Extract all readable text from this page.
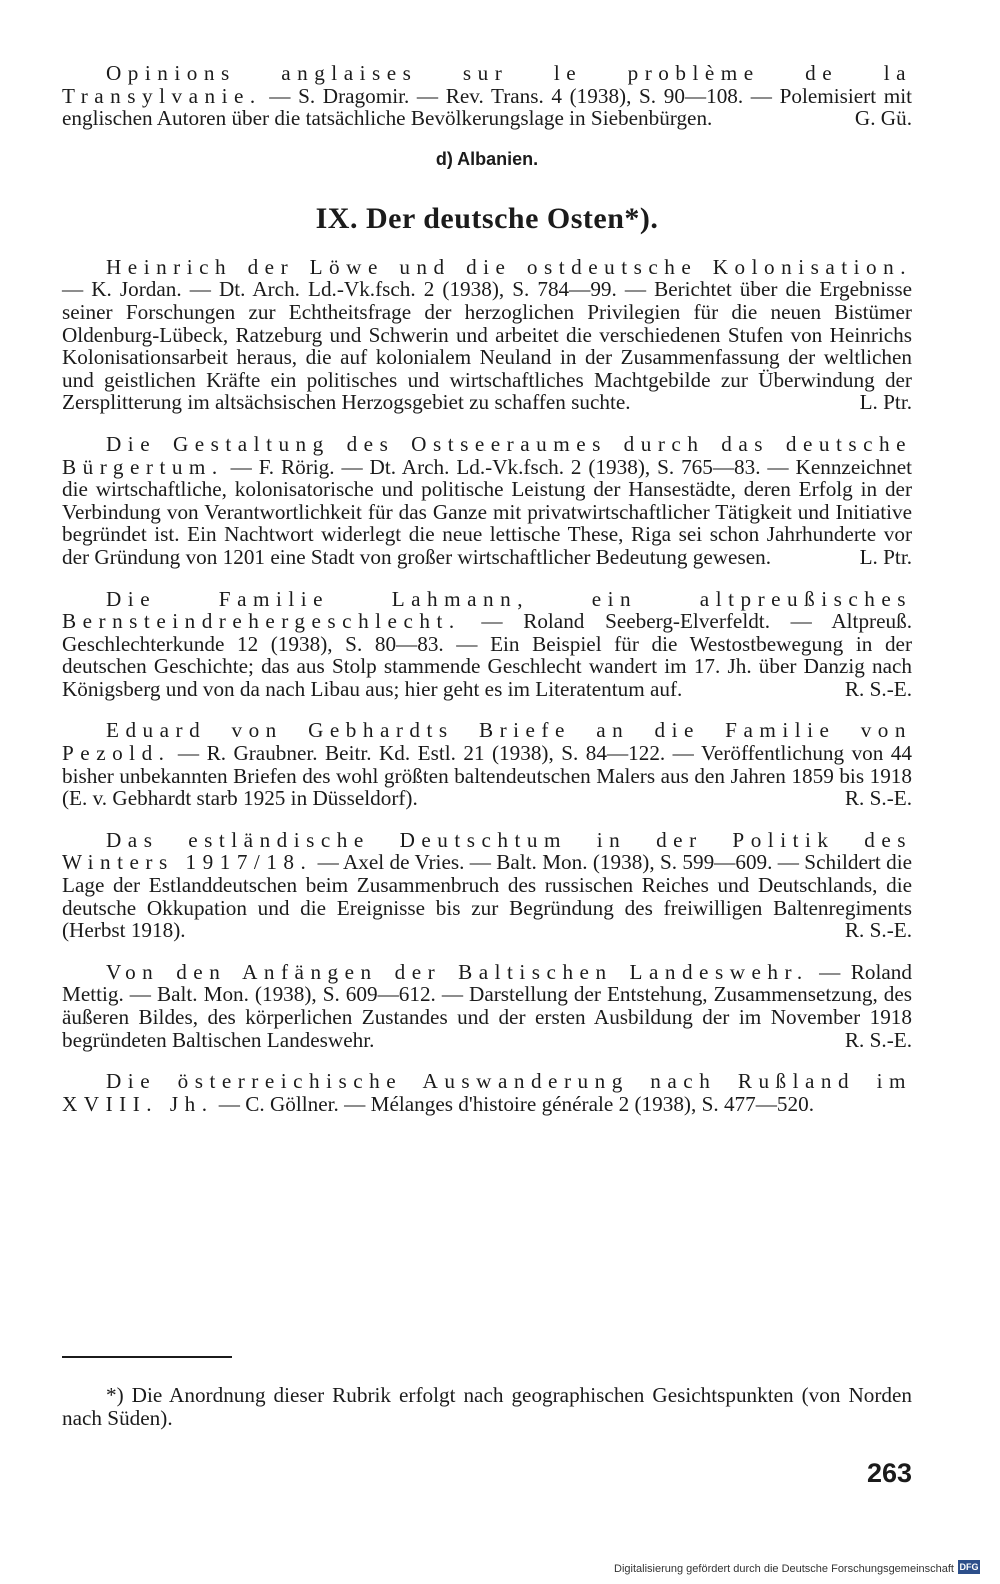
Opinions anglaises sur le problème de la Transylvanie. — S. Dragomir. — Rev. Trans. 4 (1938), S. 90—108. — Polemisiert mit englischen Autoren über die tatsächliche Bevölkerungslage in Siebenbürgen.	G. Gü.
d) Albanien.
IX. Der deutsche Osten*).
Heinrich der Löwe und die ostdeutsche Kolonisation. — K. Jordan. — Dt. Arch. Ld.-Vk.fsch. 2 (1938), S. 784—99. — Berichtet über die Ergebnisse seiner Forschungen zur Echtheitsfrage der herzoglichen Privilegien für die neuen Bistümer Oldenburg-Lübeck, Ratzeburg und Schwerin und arbeitet die verschiedenen Stufen von Heinrichs Kolonisationsarbeit heraus, die auf kolonialem Neuland in der Zusammenfassung der weltlichen und geistlichen Kräfte ein politisches und wirtschaftliches Machtgebilde zur Überwindung der Zersplitterung im altsächsischen Herzogsgebiet zu schaffen suchte.	L. Ptr.
Die Gestaltung des Ostseeraumes durch das deutsche Bürgertum. — F. Rörig. — Dt. Arch. Ld.-Vk.fsch. 2 (1938), S. 765—83. — Kennzeichnet die wirtschaftliche, kolonisatorische und politische Leistung der Hansestädte, deren Erfolg in der Verbindung von Verantwortlichkeit für das Ganze mit privatwirtschaftlicher Tätigkeit und Initiative begründet ist. Ein Nachtwort widerlegt die neue lettische These, Riga sei schon Jahrhunderte vor der Gründung von 1201 eine Stadt von großer wirtschaftlicher Bedeutung gewesen.	L. Ptr.
Die Familie Lahmann, ein altpreußisches Bernsteindrehergeschlecht. — Roland Seeberg-Elverfeldt. — Altpreuß. Geschlechterkunde 12 (1938), S. 80—83. — Ein Beispiel für die Westostbewegung in der deutschen Geschichte; das aus Stolp stammende Geschlecht wandert im 17. Jh. über Danzig nach Königsberg und von da nach Libau aus; hier geht es im Literatentum auf.	R. S.-E.
Eduard von Gebhardts Briefe an die Familie von Pezold. — R. Graubner. Beitr. Kd. Estl. 21 (1938), S. 84—122. — Veröffentlichung von 44 bisher unbekannten Briefen des wohl größten baltendeutschen Malers aus den Jahren 1859 bis 1918 (E. v. Gebhardt starb 1925 in Düsseldorf).	R. S.-E.
Das estländische Deutschtum in der Politik des Winters 1917/18. — Axel de Vries. — Balt. Mon. (1938), S. 599—609. — Schildert die Lage der Estlanddeutschen beim Zusammenbruch des russischen Reiches und Deutschlands, die deutsche Okkupation und die Ereignisse bis zur Begründung des freiwilligen Baltenregiments (Herbst 1918).	R. S.-E.
Von den Anfängen der Baltischen Landeswehr. — Roland Mettig. — Balt. Mon. (1938), S. 609—612. — Darstellung der Entstehung, Zusammensetzung, des äußeren Bildes, des körperlichen Zustandes und der ersten Ausbildung der im November 1918 begründeten Baltischen Landeswehr.	R. S.-E.
Die österreichische Auswanderung nach Rußland im XVIII. Jh. — C. Göllner. — Mélanges d'histoire générale 2 (1938), S. 477—520.
*) Die Anordnung dieser Rubrik erfolgt nach geographischen Gesichtspunkten (von Norden nach Süden).
263
Digitalisierung gefördert durch die Deutsche Forschungsgemeinschaft DFG
